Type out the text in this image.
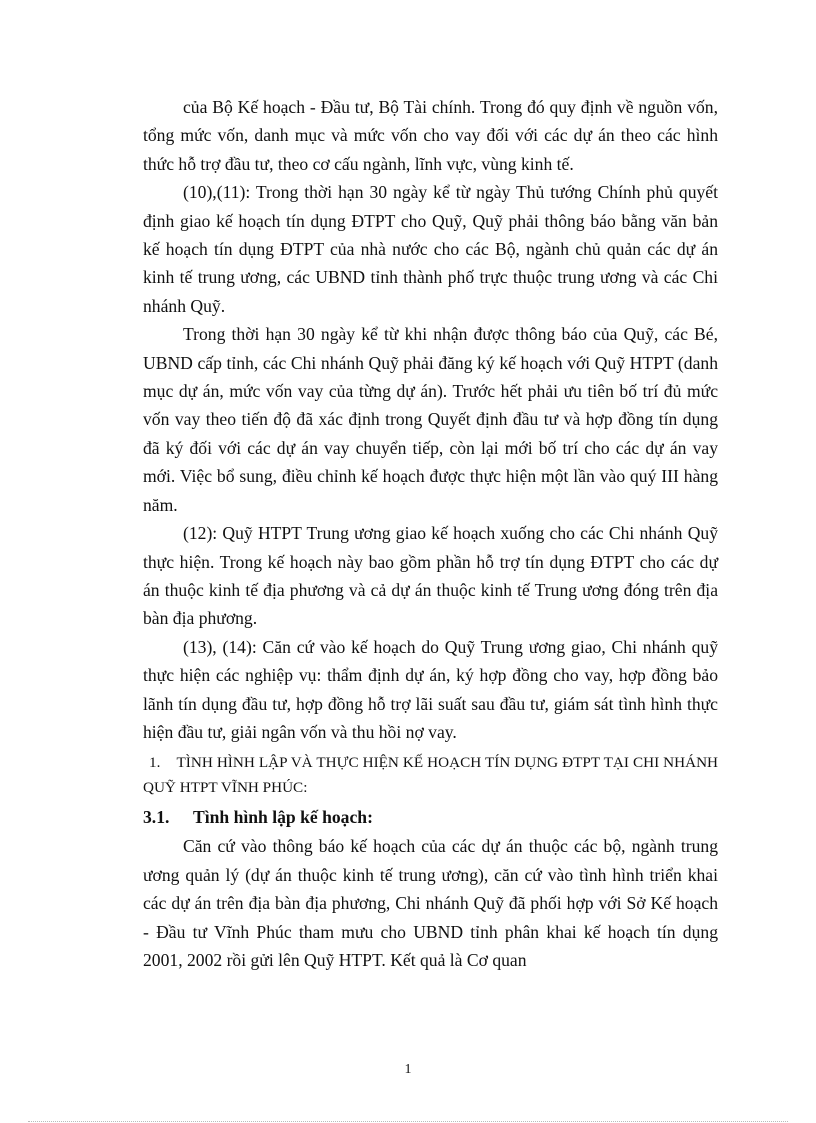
của Bộ Kế hoạch - Đầu tư, Bộ Tài chính. Trong đó quy định về nguồn vốn, tổng mức vốn, danh mục và mức vốn cho vay đối với các dự án theo các hình thức hỗ trợ đầu tư, theo cơ cấu ngành, lĩnh vực, vùng kinh tế.

(10),(11): Trong thời hạn 30 ngày kể từ ngày Thủ tướng Chính phủ quyết định giao kế hoạch tín dụng ĐTPT cho Quỹ, Quỹ phải thông báo bằng văn bản kế hoạch tín dụng ĐTPT của nhà nước cho các Bộ, ngành chủ quản các dự án kinh tế trung ương, các UBND tỉnh thành phố trực thuộc trung ương và các Chi nhánh Quỹ.

Trong thời hạn 30 ngày kể từ khi nhận được thông báo của Quỹ, các Bé, UBND cấp tỉnh, các Chi nhánh Quỹ phải đăng ký kế hoạch với Quỹ HTPT (danh mục dự án, mức vốn vay của từng dự án). Trước hết phải ưu tiên bố trí đủ mức vốn vay theo tiến độ đã xác định trong Quyết định đầu tư và hợp đồng tín dụng đã ký đối với các dự án vay chuyển tiếp, còn lại mới bố trí cho các dự án vay mới. Việc bổ sung, điều chỉnh kế hoạch được thực hiện một lần vào quý III hàng năm.

(12): Quỹ HTPT Trung ương giao kế hoạch xuống cho các Chi nhánh Quỹ thực hiện. Trong kế hoạch này bao gồm phần hỗ trợ tín dụng ĐTPT cho các dự án thuộc kinh tế địa phương và cả dự án thuộc kinh tế Trung ương đóng trên địa bàn địa phương.

(13), (14): Căn cứ vào kế hoạch do Quỹ Trung ương giao, Chi nhánh quỹ thực hiện các nghiệp vụ: thẩm định dự án, ký hợp đồng cho vay, hợp đồng bảo lãnh tín dụng đầu tư, hợp đồng hỗ trợ lãi suất sau đầu tư, giám sát tình hình thực hiện đầu tư, giải ngân vốn và thu hồi nợ vay.

1. TÌNH HÌNH LẬP VÀ THỰC HIỆN KẾ HOẠCH TÍN DỤNG ĐTPT TẠI CHI NHÁNH QUỸ HTPT VĨNH PHÚC:

3.1. Tình hình lập kế hoạch:

Căn cứ vào thông báo kế hoạch của các dự án thuộc các bộ, ngành trung ương quản lý (dự án thuộc kinh tế trung ương), căn cứ vào tình hình triển khai các dự án trên địa bàn địa phương, Chi nhánh Quỹ đã phối hợp với Sở Kế hoạch - Đầu tư Vĩnh Phúc tham mưu cho UBND tỉnh phân khai kế hoạch tín dụng 2001, 2002 rồi gửi lên Quỹ HTPT. Kết quả là Cơ quan

1
